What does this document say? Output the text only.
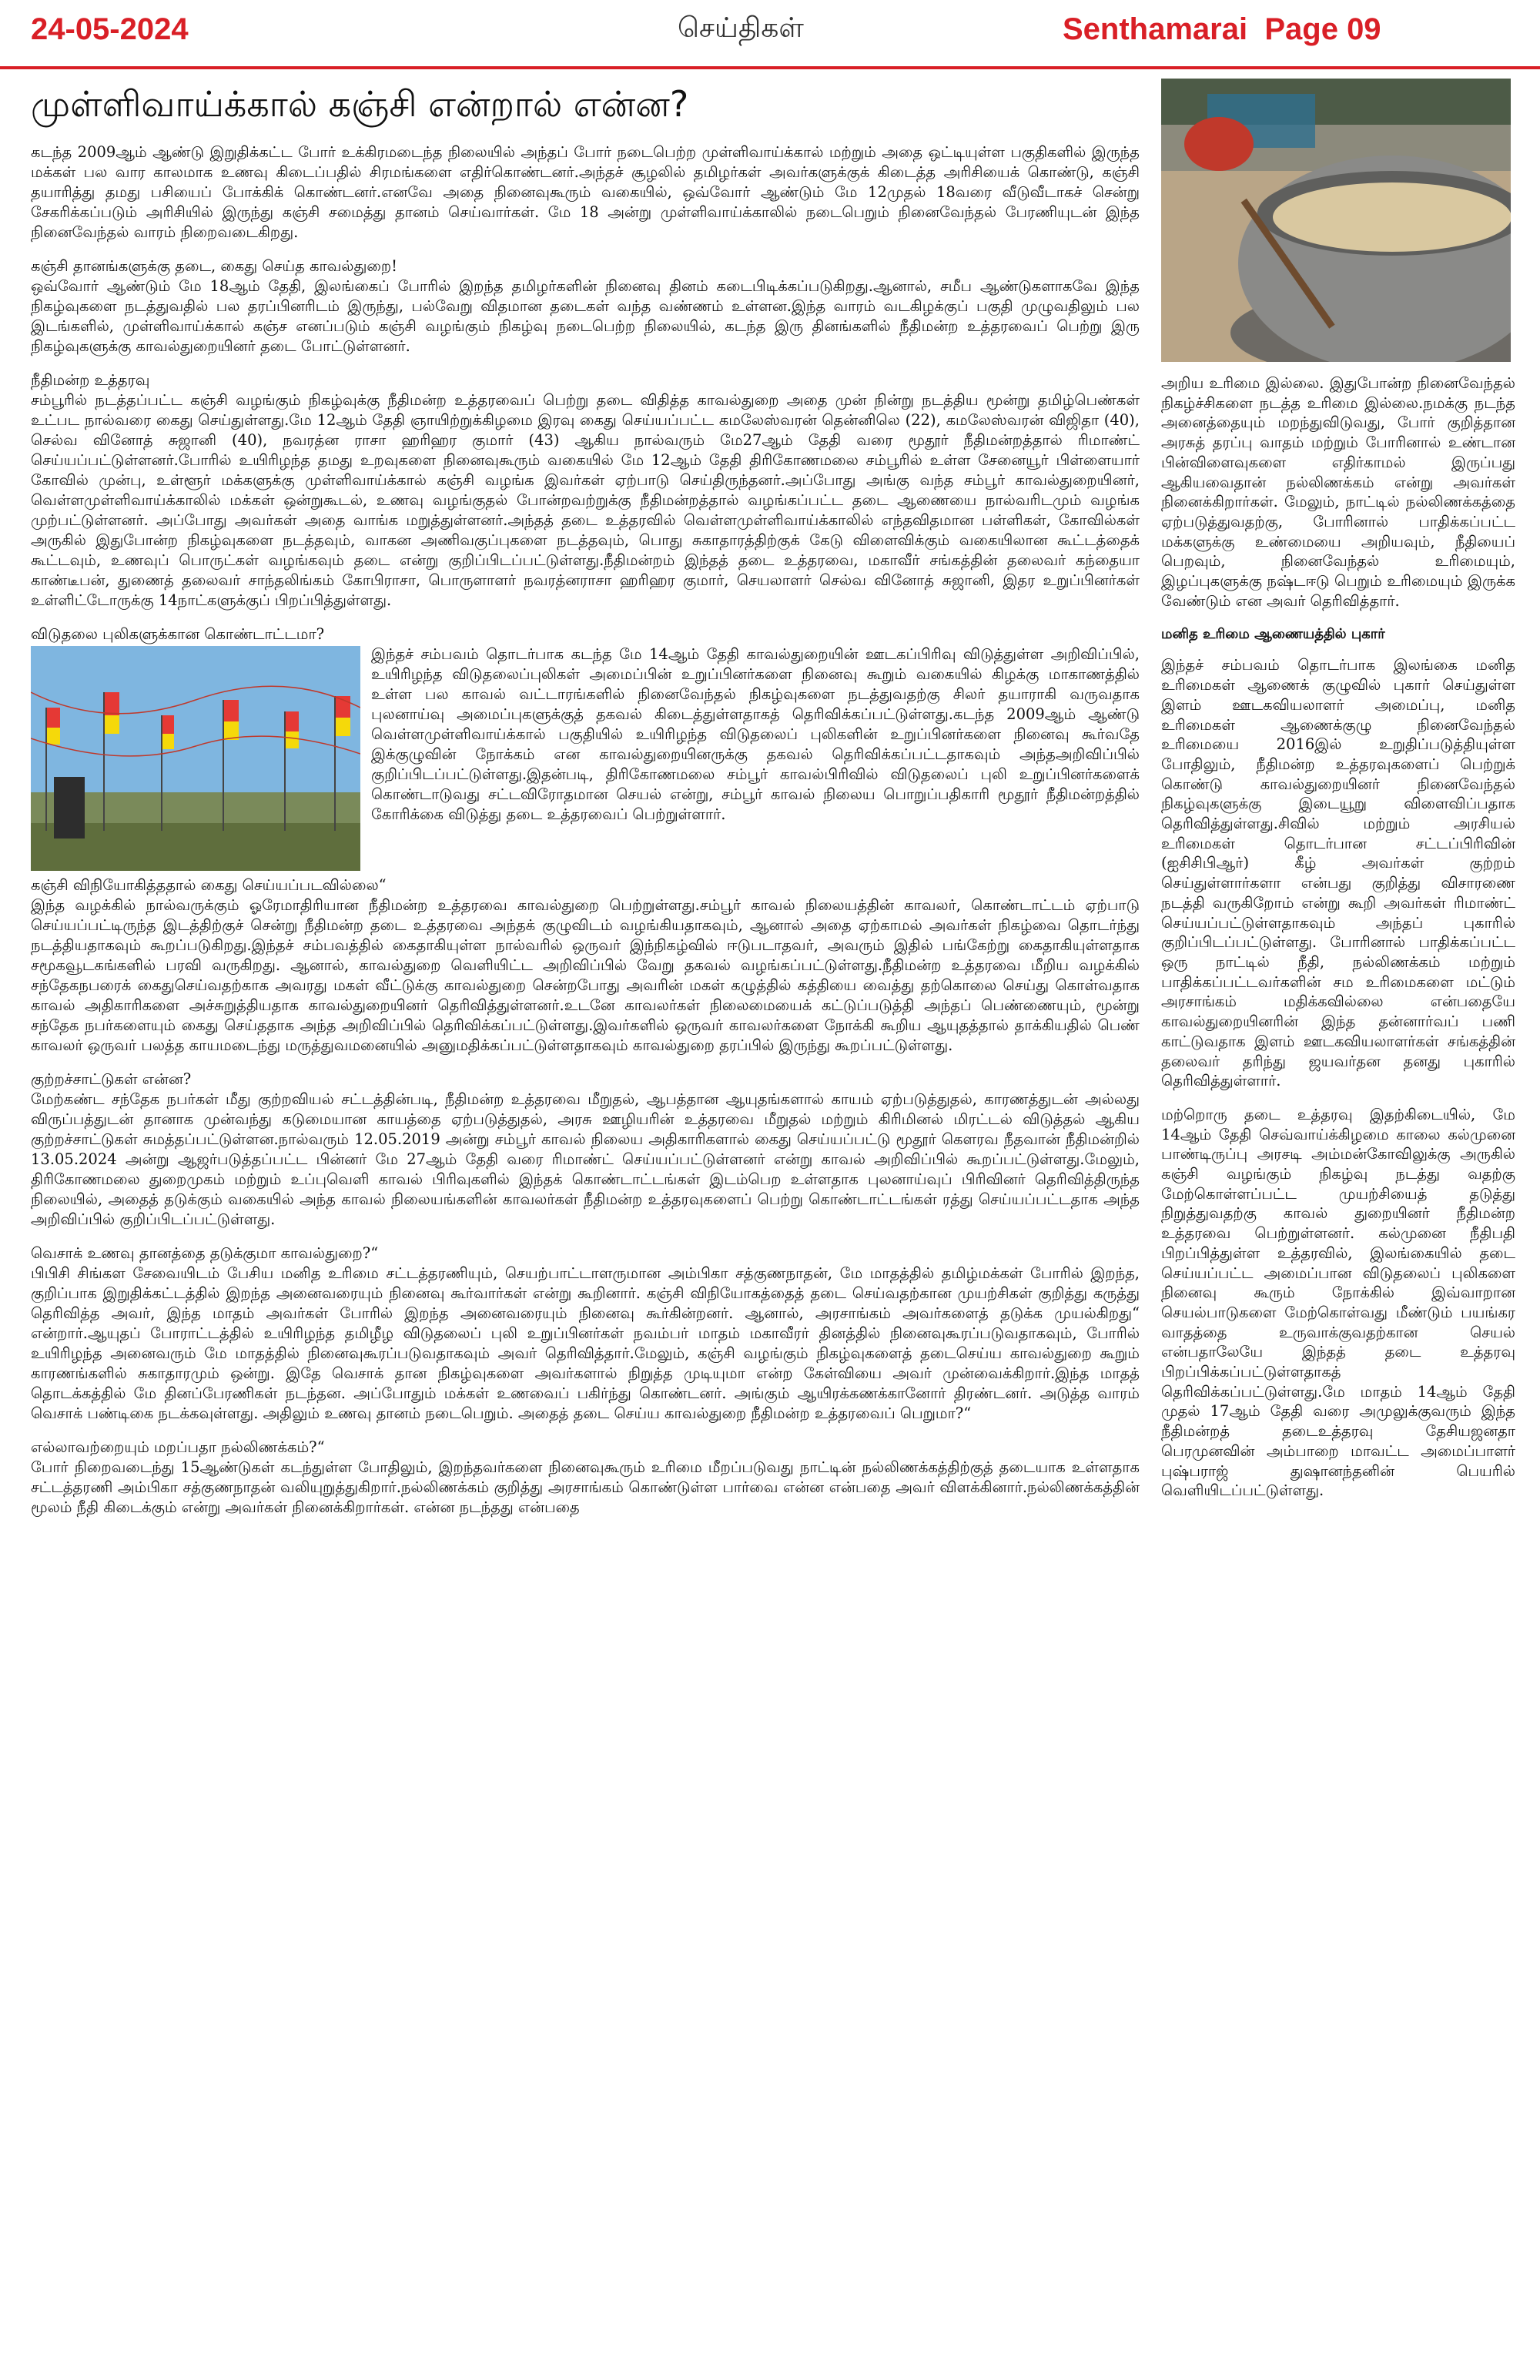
24-05-2024	செய்திகள்	Senthamarai Page 09
முள்ளிவாய்க்கால் கஞ்சி என்றால் என்ன?

கடந்த 2009ஆம் ஆண்டு இறுதிக்கட்ட போர் உக்கிரமடைந்த நிலையில் அந்தப் போர் நடைபெற்ற முள்ளிவாய்க்கால் மற்றும் அதை ஒட்டியுள்ள பகுதிகளில் இருந்த மக்கள் பல வார காலமாக உணவு கிடைப்பதில் சிரமங்களை எதிர்கொண்டனர்.அந்தச் சூழலில் தமிழர்கள் அவர்களுக்குக் கிடைத்த அரிசியைக் கொண்டு, கஞ்சி தயாரித்து தமது பசியைப் போக்கிக் கொண்டனர்.எனவே அதை நினைவுகூரும் வகையில், ஒவ்வோர் ஆண்டும் மே 12முதல் 18வரை வீடுவீடாகச் சென்று சேகரிக்கப்படும் அரிசியில் இருந்து கஞ்சி சமைத்து தானம் செய்வார்கள். மே 18 அன்று முள்ளிவாய்க்காலில் நடைபெறும் நினைவேந்தல் பேரணியுடன் இந்த நினைவேந்தல் வாரம் நிறைவடைகிறது.

கஞ்சி தானங்களுக்கு தடை, கைது செய்த காவல்துறை!

ஒவ்வோர் ஆண்டும் மே 18ஆம் தேதி, இலங்கைப் போரில் இறந்த தமிழர்களின் நினைவு தினம் கடைபிடிக்கப்படுகிறது.ஆனால், சமீப ஆண்டுகளாகவே இந்த நிகழ்வுகளை நடத்துவதில் பல தரப்பினரிடம் இருந்து, பல்வேறு விதமான தடைகள் வந்த வண்ணம் உள்ளன.இந்த வாரம் வடகிழக்குப் பகுதி முழுவதிலும் பல இடங்களில், முள்ளிவாய்க்கால் கஞ்ச எனப்படும் கஞ்சி வழங்கும் நிகழ்வு நடைபெற்ற நிலையில், கடந்த இரு தினங்களில் நீதிமன்ற உத்தரவைப் பெற்று இரு நிகழ்வுகளுக்கு காவல்துறையினர் தடை போட்டுள்ளனர்.

நீதிமன்ற உத்தரவு

சம்பூரில் நடத்தப்பட்ட கஞ்சி வழங்கும் நிகழ்வுக்கு நீதிமன்ற உத்தரவைப் பெற்று தடை விதித்த காவல்துறை அதை முன் நின்று நடத்திய மூன்று தமிழ்பெண்கள் உட்பட நால்வரை கைது செய்துள்ளது.மே 12ஆம் தேதி ஞாயிற்றுக்கிழமை இரவு கைது செய்யப்பட்ட கமலேஸ்வரன் தென்னிலெ (22), கமலேஸ்வரன் விஜிதா (40), செல்வ வினோத் சுஜானி (40), நவரத்ன ராசா ஹரிஹர குமார் (43) ஆகிய நால்வரும் மே27ஆம் தேதி வரை மூதூர் நீதிமன்றத்தால் ரிமாண்ட் செய்யப்பட்டுள்ளனர்.போரில் உயிரிழந்த தமது உறவுகளை நினைவுகூரும் வகையில் மே 12ஆம் தேதி திரிகோணமலை சம்பூரில் உள்ள சேனையூர் பிள்ளையார் கோவில் முன்பு, உள்ளூர் மக்களுக்கு முள்ளிவாய்க்கால் கஞ்சி வழங்க இவர்கள் ஏற்பாடு செய்திருந்தனர்.அப்போது அங்கு வந்த சம்பூர் காவல்துறையினர், வெள்ளமுள்ளிவாய்க்காலில் மக்கள் ஒன்றுகூடல், உணவு வழங்குதல் போன்றவற்றுக்கு நீதிமன்றத்தால் வழங்கப்பட்ட தடை ஆணையை நால்வரிடமும் வழங்க முற்பட்டுள்ளனர். அப்போது அவர்கள் அதை வாங்க மறுத்துள்ளனர்.அந்தத் தடை உத்தரவில் வெள்ளமுள்ளிவாய்க்காலில் எந்தவிதமான பள்ளிகள், கோவில்கள் அருகில் இதுபோன்ற நிகழ்வுகளை நடத்தவும், வாகன அணிவகுப்புகளை நடத்தவும், பொது சுகாதாரத்திற்குக் கேடு விளைவிக்கும் வகையிலான கூட்டத்தைக் கூட்டவும், உணவுப் பொருட்கள் வழங்கவும் தடை என்று குறிப்பிடப்பட்டுள்ளது.நீதிமன்றம் இந்தத் தடை உத்தரவை, மகாவீர் சங்கத்தின் தலைவர் கந்தையா காண்டீபன், துணைத் தலைவர் சாந்தலிங்கம் கோபிராசா, பொருளாளர் நவரத்னராசா ஹரிஹர குமார், செயலாளர் செல்வ வினோத் சுஜானி, இதர உறுப்பினர்கள் உள்ளிட்டோருக்கு 14நாட்களுக்குப் பிறப்பித்துள்ளது.

விடுதலை புலிகளுக்கான கொண்டாட்டமா?

இந்தச் சம்பவம் தொடர்பாக கடந்த மே 14ஆம் தேதி காவல்துறையின் ஊடகப்பிரிவு விடுத்துள்ள அறிவிப்பில், உயிரிழந்த விடுதலைப்புலிகள் அமைப்பின் உறுப்பினர்களை நினைவு கூறும் வகையில் கிழக்கு மாகாணத்தில் உள்ள பல காவல் வட்டாரங்களில் நினைவேந்தல் நிகழ்வுகளை நடத்துவதற்கு சிலர் தயாராகி வருவதாக புலனாய்வு அமைப்புகளுக்குத் தகவல் கிடைத்துள்ளதாகத் தெரிவிக்கப்பட்டுள்ளது.கடந்த 2009ஆம் ஆண்டு வெள்ளமுள்ளிவாய்க்கால் பகுதியில் உயிரிழந்த விடுதலைப் புலிகளின் உறுப்பினர்களை நினைவு கூர்வதே இக்குழுவின் நோக்கம் என காவல்துறையினருக்கு தகவல் தெரிவிக்கப்பட்டதாகவும் அந்தஅறிவிப்பில் குறிப்பிடப்பட்டுள்ளது.இதன்படி, திரிகோணமலை சம்பூர் காவல்பிரிவில் விடுதலைப் புலி உறுப்பினர்களைக் கொண்டாடுவது சட்டவிரோதமான செயல் என்று, சம்பூர் காவல் நிலைய பொறுப்பதிகாரி மூதூர் நீதிமன்றத்தில் கோரிக்கை விடுத்து தடை உத்தரவைப் பெற்றுள்ளார்.

கஞ்சி விநியோகித்ததால் கைது செய்யப்படவில்லை“

இந்த வழக்கில் நால்வருக்கும் ஓரேமாதிரியான நீதிமன்ற உத்தரவை காவல்துறை பெற்றுள்ளது.சம்பூர் காவல் நிலையத்தின் காவலர், கொண்டாட்டம் ஏற்பாடு செய்யப்பட்டிருந்த இடத்திற்குச் சென்று நீதிமன்ற தடை உத்தரவை அந்தக் குழுவிடம் வழங்கியதாகவும், ஆனால் அதை ஏற்காமல் அவர்கள் நிகழ்வை தொடர்ந்து நடத்தியதாகவும் கூறப்படுகிறது.இந்தச் சம்பவத்தில் கைதாகியுள்ள நால்வரில் ஒருவர் இந்நிகழ்வில் ஈடுபடாதவர், அவரும் இதில் பங்கேற்று கைதாகியுள்ளதாக சமூகவூடகங்களில் பரவி வருகிறது. ஆனால், காவல்துறை வெளியிட்ட அறிவிப்பில் வேறு தகவல் வழங்கப்பட்டுள்ளது.நீதிமன்ற உத்தரவை மீறிய வழக்கில் சந்தேகநபரைக் கைதுசெய்வதற்காக அவரது மகள் வீட்டுக்கு காவல்துறை சென்றபோது அவரின் மகள் கழுத்தில் கத்தியை வைத்து தற்கொலை செய்து கொள்வதாக காவல் அதிகாரிகளை அச்சுறுத்தியதாக காவல்துறையினர் தெரிவித்துள்ளனர்.உடனே காவலர்கள் நிலைமையைக் கட்டுப்படுத்தி அந்தப் பெண்ணையும், மூன்று சந்தேக நபர்களையும் கைது செய்ததாக அந்த அறிவிப்பில் தெரிவிக்கப்பட்டுள்ளது.இவர்களில் ஒருவர் காவலர்களை நோக்கி கூறிய ஆயுதத்தால் தாக்கியதில் பெண் காவலர் ஒருவர் பலத்த காயமடைந்து மருத்துவமனையில் அனுமதிக்கப்பட்டுள்ளதாகவும் காவல்துறை தரப்பில் இருந்து கூறப்பட்டுள்ளது.

குற்றச்சாட்டுகள் என்ன?

மேற்கண்ட சந்தேக நபர்கள் மீது குற்றவியல் சட்டத்தின்படி, நீதிமன்ற உத்தரவை மீறுதல், ஆபத்தான ஆயுதங்களால் காயம் ஏற்படுத்துதல், காரணத்துடன் அல்லது விருப்பத்துடன் தானாக முன்வந்து கடுமையான காயத்தை ஏற்படுத்துதல், அரசு ஊழியரின் உத்தரவை மீறுதல் மற்றும் கிரிமினல் மிரட்டல் விடுத்தல் ஆகிய குற்றச்சாட்டுகள் சுமத்தப்பட்டுள்ளன.நால்வரும் 12.05.2019 அன்று சம்பூர் காவல் நிலைய அதிகாரிகளால் கைது செய்யப்பட்டு மூதூர் கௌரவ நீதவான் நீதிமன்றில் 13.05.2024 அன்று ஆஜர்படுத்தப்பட்ட பின்னர் மே 27ஆம் தேதி வரை ரிமாண்ட் செய்யப்பட்டுள்ளனர் என்று காவல் அறிவிப்பில் கூறப்பட்டுள்ளது.மேலும், திரிகோணமலை துறைமுகம் மற்றும் உப்புவெளி காவல் பிரிவுகளில் இந்தக் கொண்டாட்டங்கள் இடம்பெற உள்ளதாக புலனாய்வுப் பிரிவினர் தெரிவித்திருந்த நிலையில், அதைத் தடுக்கும் வகையில் அந்த காவல் நிலையங்களின் காவலர்கள் நீதிமன்ற உத்தரவுகளைப் பெற்று கொண்டாட்டங்கள் ரத்து செய்யப்பட்டதாக அந்த அறிவிப்பில் குறிப்பிடப்பட்டுள்ளது.

வெசாக் உணவு தானத்தை தடுக்குமா காவல்துறை?“

பிபிசி சிங்கள சேவையிடம் பேசிய மனித உரிமை சட்டத்தரணியும், செயற்பாட்டாளருமான அம்பிகா சத்குணநாதன், மே மாதத்தில் தமிழ்மக்கள் போரில் இறந்த, குறிப்பாக இறுதிக்கட்டத்தில் இறந்த அனைவரையும் நினைவு கூர்வார்கள் என்று கூறினார். கஞ்சி விநியோகத்தைத் தடை செய்வதற்கான முயற்சிகள் குறித்து கருத்து தெரிவித்த அவர், இந்த மாதம் அவர்கள் போரில் இறந்த அனைவரையும் நினைவு கூர்கின்றனர். ஆனால், அரசாங்கம் அவர்களைத் தடுக்க முயல்கிறது“ என்றார்.ஆயுதப் போராட்டத்தில் உயிரிழந்த தமிழீழ விடுதலைப் புலி உறுப்பினர்கள் நவம்பர் மாதம் மகாவீரர் தினத்தில் நினைவுகூரப்படுவதாகவும், போரில் உயிரிழந்த அனைவரும் மே மாதத்தில் நினைவுகூரப்படுவதாகவும் அவர் தெரிவித்தார்.மேலும், கஞ்சி வழங்கும் நிகழ்வுகளைத் தடைசெய்ய காவல்துறை கூறும் காரணங்களில் சுகாதாரமும் ஒன்று. இதே வெசாக் தான நிகழ்வுகளை அவர்களால் நிறுத்த முடியுமா என்ற கேள்வியை அவர் முன்வைக்கிறார்.இந்த மாதத் தொடக்கத்தில் மே தினப்பேரணிகள் நடந்தன. அப்போதும் மக்கள் உணவைப் பகிர்ந்து கொண்டனர். அங்கும் ஆயிரக்கணக்கானோர் திரண்டனர். அடுத்த வாரம் வெசாக் பண்டிகை நடக்கவுள்ளது. அதிலும் உணவு தானம் நடைபெறும். அதைத் தடை செய்ய காவல்துறை நீதிமன்ற உத்தரவைப் பெறுமா?“

எல்லாவற்றையும் மறப்பதா நல்லிணக்கம்?“

போர் நிறைவடைந்து 15ஆண்டுகள் கடந்துள்ள போதிலும், இறந்தவர்களை நினைவுகூரும் உரிமை மீறப்படுவது நாட்டின் நல்லிணக்கத்திற்குத் தடையாக உள்ளதாக சட்டத்தரணி அம்பிகா சத்குணநாதன் வலியுறுத்துகிறார்.நல்லிணக்கம் குறித்து அரசாங்கம் கொண்டுள்ள பார்வை என்ன என்பதை அவர் விளக்கினார்.நல்லிணக்கத்தின் மூலம் நீதி கிடைக்கும் என்று அவர்கள் நினைக்கிறார்கள். என்ன நடந்தது என்பதை

அறிய உரிமை இல்லை. இதுபோன்ற நினைவேந்தல் நிகழ்ச்சிகளை நடத்த உரிமை இல்லை.நமக்கு நடந்த அனைத்தையும் மறந்துவிடுவது, போர் குறித்தான அரசுத் தரப்பு வாதம் மற்றும் போரினால் உண்டான பின்விளைவுகளை எதிர்காமல் இருப்பது ஆகியவைதான் நல்லிணக்கம் என்று அவர்கள் நினைக்கிறார்கள். மேலும், நாட்டில் நல்லிணக்கத்தை ஏற்படுத்துவதற்கு, போரினால் பாதிக்கப்பட்ட மக்களுக்கு உண்மையை அறியவும், நீதியைப் பெறவும், நினைவேந்தல் உரிமையும், இழப்புகளுக்கு நஷ்டஈடு பெறும் உரிமையும் இருக்க வேண்டும் என அவர் தெரிவித்தார்.

மனித உரிமை ஆணையத்தில் புகார்

இந்தச் சம்பவம் தொடர்பாக இலங்கை மனித உரிமைகள் ஆணைக் குழுவில் புகார் செய்துள்ள இளம் ஊடகவியலாளர் அமைப்பு, மனித உரிமைகள் ஆணைக்குழு நினைவேந்தல் உரிமையை 2016இல் உறுதிப்படுத்தியுள்ள போதிலும், நீதிமன்ற உத்தரவுகளைப் பெற்றுக் கொண்டு காவல்துறையினர் நினைவேந்தல் நிகழ்வுகளுக்கு இடையூறு விளைவிப்பதாக தெரிவித்துள்ளது.சிவில் மற்றும் அரசியல் உரிமைகள் தொடர்பான சட்டப்பிரிவின் (ஐசிசிபிஆர்) கீழ் அவர்கள் குற்றம் செய்துள்ளார்களா என்பது குறித்து விசாரணை நடத்தி வருகிறோம் என்று கூறி அவர்கள் ரிமாண்ட் செய்யப்பட்டுள்ளதாகவும் அந்தப் புகாரில் குறிப்பிடப்பட்டுள்ளது. போரினால் பாதிக்கப்பட்ட ஒரு நாட்டில் நீதி, நல்லிணக்கம் மற்றும் பாதிக்கப்பட்டவர்களின் சம உரிமைகளை மட்டும் அரசாங்கம் மதிக்கவில்லை என்பதையே காவல்துறையினரின் இந்த தன்னார்வப் பணி காட்டுவதாக இளம் ஊடகவியலாளர்கள் சங்கத்தின் தலைவர் தரிந்து ஜயவர்தன தனது புகாரில் தெரிவித்துள்ளார்.

மற்றொரு தடை உத்தரவு இதற்கிடையில், மே 14ஆம் தேதி செவ்வாய்க்கிழமை காலை கல்முனை பாண்டிருப்பு அரசடி அம்மன்கோவிலுக்கு அருகில் கஞ்சி வழங்கும் நிகழ்வு நடத்து வதற்கு மேற்கொள்ளப்பட்ட முயற்சியைத் தடுத்து நிறுத்துவதற்கு காவல் துறையினர் நீதிமன்ற உத்தரவை பெற்றுள்ளனர். கல்முனை நீதிபதி பிறப்பித்துள்ள உத்தரவில், இலங்கையில் தடை செய்யப்பட்ட அமைப்பான விடுதலைப் புலிகளை நினைவு கூரும் நோக்கில் இவ்வாறான செயல்பாடுகளை மேற்கொள்வது மீண்டும் பயங்கர வாதத்தை உருவாக்குவதற்கான செயல் என்பதாலேயே இந்தத் தடை உத்தரவு பிறப்பிக்கப்பட்டுள்ளதாகத் தெரிவிக்கப்பட்டுள்ளது.மே மாதம் 14ஆம் தேதி முதல் 17ஆம் தேதி வரை அமுலுக்குவரும் இந்த நீதிமன்றத் தடைஉத்தரவு தேசியஜனதா பெரமுனவின் அம்பாறை மாவட்ட அமைப்பாளர் புஷ்பராஜ் துஷானந்தனின் பெயரில் வெளியிடப்பட்டுள்ளது.
